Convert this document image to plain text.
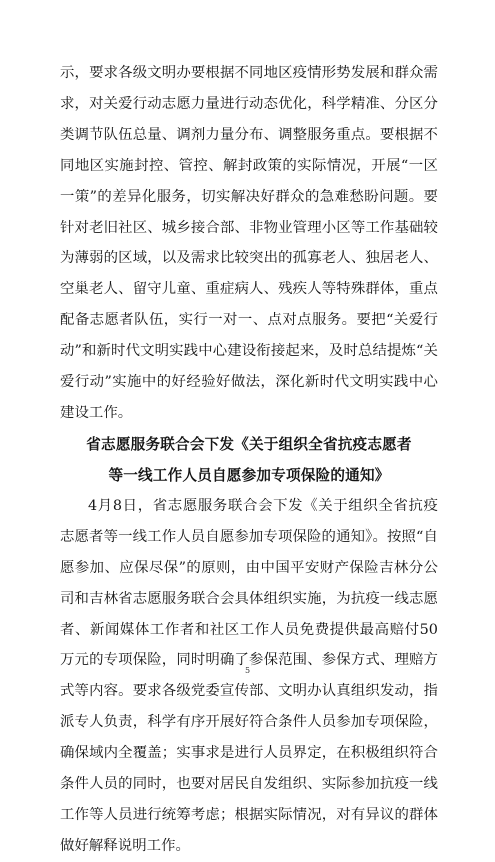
示，要求各级文明办要根据不同地区疫情形势发展和群众需求，对关爱行动志愿力量进行动态优化，科学精准、分区分类调节队伍总量、调剂力量分布、调整服务重点。要根据不同地区实施封控、管控、解封政策的实际情况，开展“一区一策”的差异化服务，切实解决好群众的急难愁盼问题。要针对老旧社区、城乡接合部、非物业管理小区等工作基础较为薄弱的区域，以及需求比较突出的孤寡老人、独居老人、空巢老人、留守儿童、重症病人、残疾人等特殊群体，重点配备志愿者队伍，实行一对一、点对点服务。要把“关爱行动”和新时代文明实践中心建设衔接起来，及时总结提炼“关爱行动”实施中的好经验好做法，深化新时代文明实践中心建设工作。

省志愿服务联合会下发《关于组织全省抗疫志愿者
等一线工作人员自愿参加专项保险的通知》

4月8日，省志愿服务联合会下发《关于组织全省抗疫志愿者等一线工作人员自愿参加专项保险的通知》。按照“自愿参加、应保尽保”的原则，由中国平安财产保险吉林分公司和吉林省志愿服务联合会具体组织实施，为抗疫一线志愿者、新闻媒体工作者和社区工作人员免费提供最高赔付50万元的专项保险，同时明确了参保范围、参保方式、理赔方式等内容。要求各级党委宣传部、文明办认真组织发动，指派专人负责，科学有序开展好符合条件人员参加专项保险，确保域内全覆盖；实事求是进行人员界定，在积极组织符合条件人员的同时，也要对居民自发组织、实际参加抗疫一线工作等人员进行统筹考虑；根据实际情况，对有异议的群体做好解释说明工作。

5
